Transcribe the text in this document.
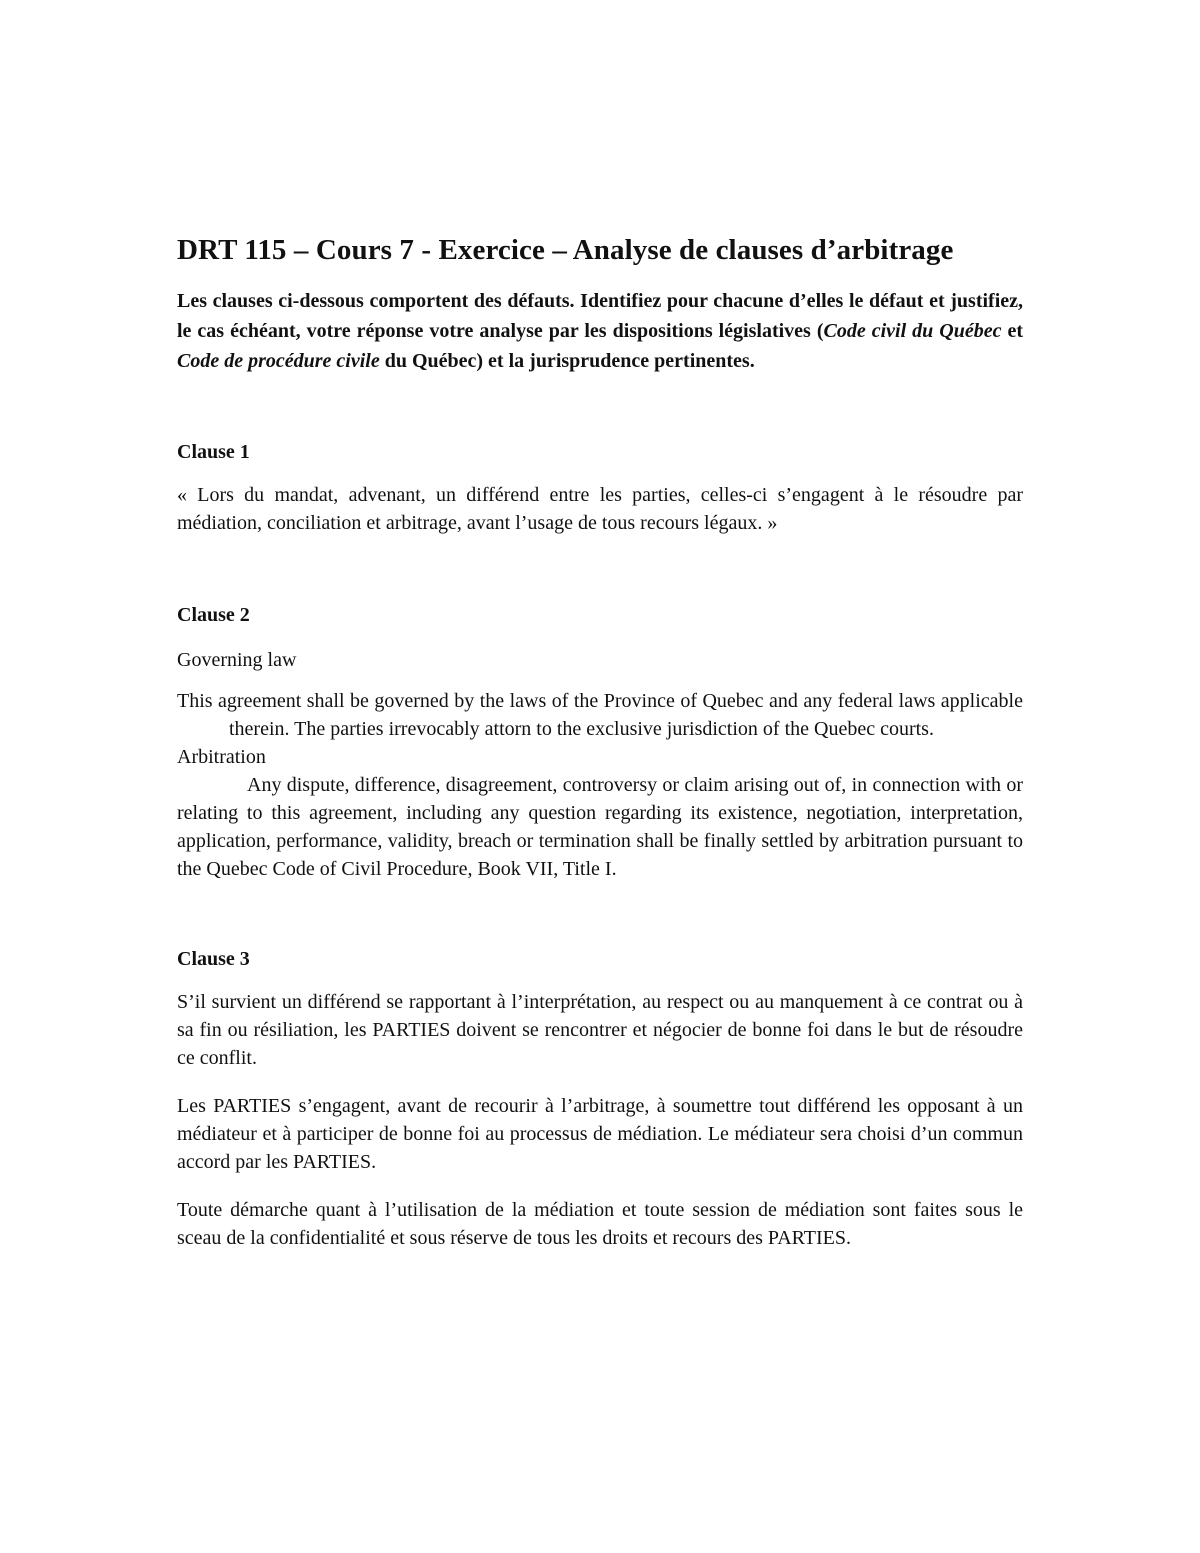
DRT 115 – Cours 7 - Exercice – Analyse de clauses d’arbitrage

Les clauses ci-dessous comportent des défauts. Identifiez pour chacune d’elles le défaut et justifiez, le cas échéant, votre réponse votre analyse par les dispositions législatives (Code civil du Québec et Code de procédure civile du Québec) et la jurisprudence pertinentes.

Clause 1

« Lors du mandat, advenant, un différend entre les parties, celles-ci s’engagent à le résoudre par médiation, conciliation et arbitrage, avant l’usage de tous recours légaux. »

Clause 2

Governing law

This agreement shall be governed by the laws of the Province of Quebec and any federal laws applicable therein. The parties irrevocably attorn to the exclusive jurisdiction of the Quebec courts.

Arbitration

Any dispute, difference, disagreement, controversy or claim arising out of, in connection with or relating to this agreement, including any question regarding its existence, negotiation, interpretation, application, performance, validity, breach or termination shall be finally settled by arbitration pursuant to the Quebec Code of Civil Procedure, Book VII, Title I.

Clause 3

S’il survient un différend se rapportant à l’interprétation, au respect ou au manquement à ce contrat ou à sa fin ou résiliation, les PARTIES doivent se rencontrer et négocier de bonne foi dans le but de résoudre ce conflit.

Les PARTIES s’engagent, avant de recourir à l’arbitrage, à soumettre tout différend les opposant à un médiateur et à participer de bonne foi au processus de médiation. Le médiateur sera choisi d’un commun accord par les PARTIES.

Toute démarche quant à l’utilisation de la médiation et toute session de médiation sont faites sous le sceau de la confidentialité et sous réserve de tous les droits et recours des PARTIES.
